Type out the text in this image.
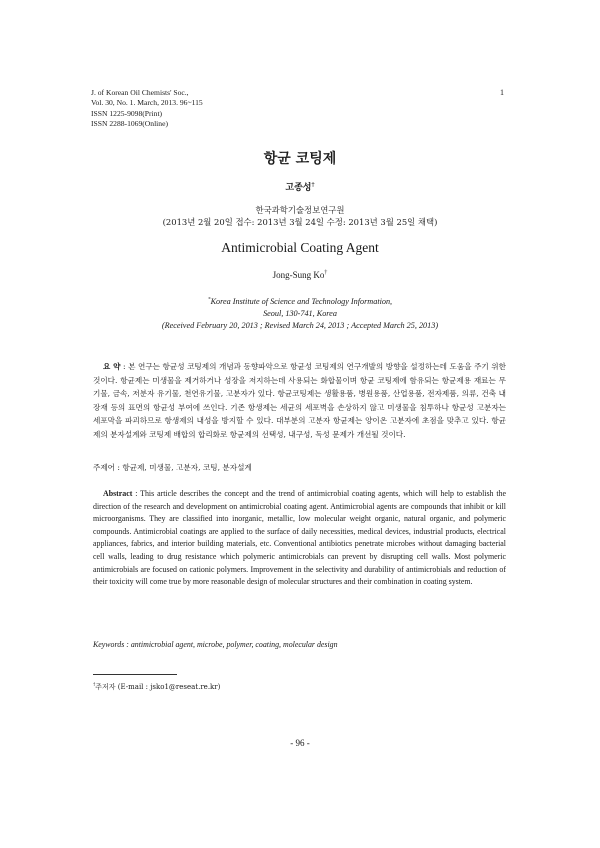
J. of Korean Oil Chemists' Soc.,
Vol. 30, No. 1. March, 2013. 96~115
ISSN 1225-9098(Print)
ISSN 2288-1069(Online)
1
항균 코팅제
고종성†
한국과학기술정보연구원
(2013년 2월 20일 접수: 2013년 3월 24일 수정: 2013년 3월 25일 채택)
Antimicrobial Coating Agent
Jong-Sung Ko†
*Korea Institute of Science and Technology Information,
Seoul, 130-741, Korea
(Received February 20, 2013 ; Revised March 24, 2013 ; Accepted March 25, 2013)
요 약 : 본 연구는 항균성 코팅제의 개념과 동향파악으로 항균성 코팅제의 연구개발의 방향을 설정하는데 도움을 주기 위한 것이다. 항균제는 미생물을 제거하거나 성장을 저지하는데 사용되는 화합물이며 항균 코팅제에 함유되는 항균제용 재료는 무기물, 금속, 저분자 유기물, 천연유기물, 고분자가 있다. 항균코팅제는 생활용품, 병원용품, 산업용품, 전자제품, 의류, 건축 내장재 등의 표면의 항균성 부여에 쓰인다. 기존 항생제는 세균의 세포벽을 손상하지 않고 미생물을 침투하나 항균성 고분자는 세포막을 파괴하므로 항생제의 내성을 방지할 수 있다. 대부분의 고분자 항균제는 양이온 고분자에 초점을 맞추고 있다. 항균제의 분자설계와 코팅제 배합의 합리화로 항균제의 선택성, 내구성, 독성 문제가 개선될 것이다.
주제어 : 항균제, 미생물, 고분자, 코팅, 분자설계
Abstract : This article describes the concept and the trend of antimicrobial coating agents, which will help to establish the direction of the research and development on antimicrobial coating agent. Antimicrobial agents are compounds that inhibit or kill microorganisms. They are classified into inorganic, metallic, low molecular weight organic, natural organic, and polymeric compounds. Antimicrobial coatings are applied to the surface of daily necessities, medical devices, industrial products, electrical appliances, fabrics, and interior building materials, etc. Conventional antibiotics penetrate microbes without damaging bacterial cell walls, leading to drug resistance which polymeric antimicrobials can prevent by disrupting cell walls. Most polymeric antimicrobials are focused on cationic polymers. Improvement in the selectivity and durability of antimicrobials and reduction of their toxicity will come true by more reasonable design of molecular structures and their combination in coating system.
Keywords : antimicrobial agent, microbe, polymer, coating, molecular design
†주저자 (E-mail : jsko1@reseat.re.kr)
- 96 -
